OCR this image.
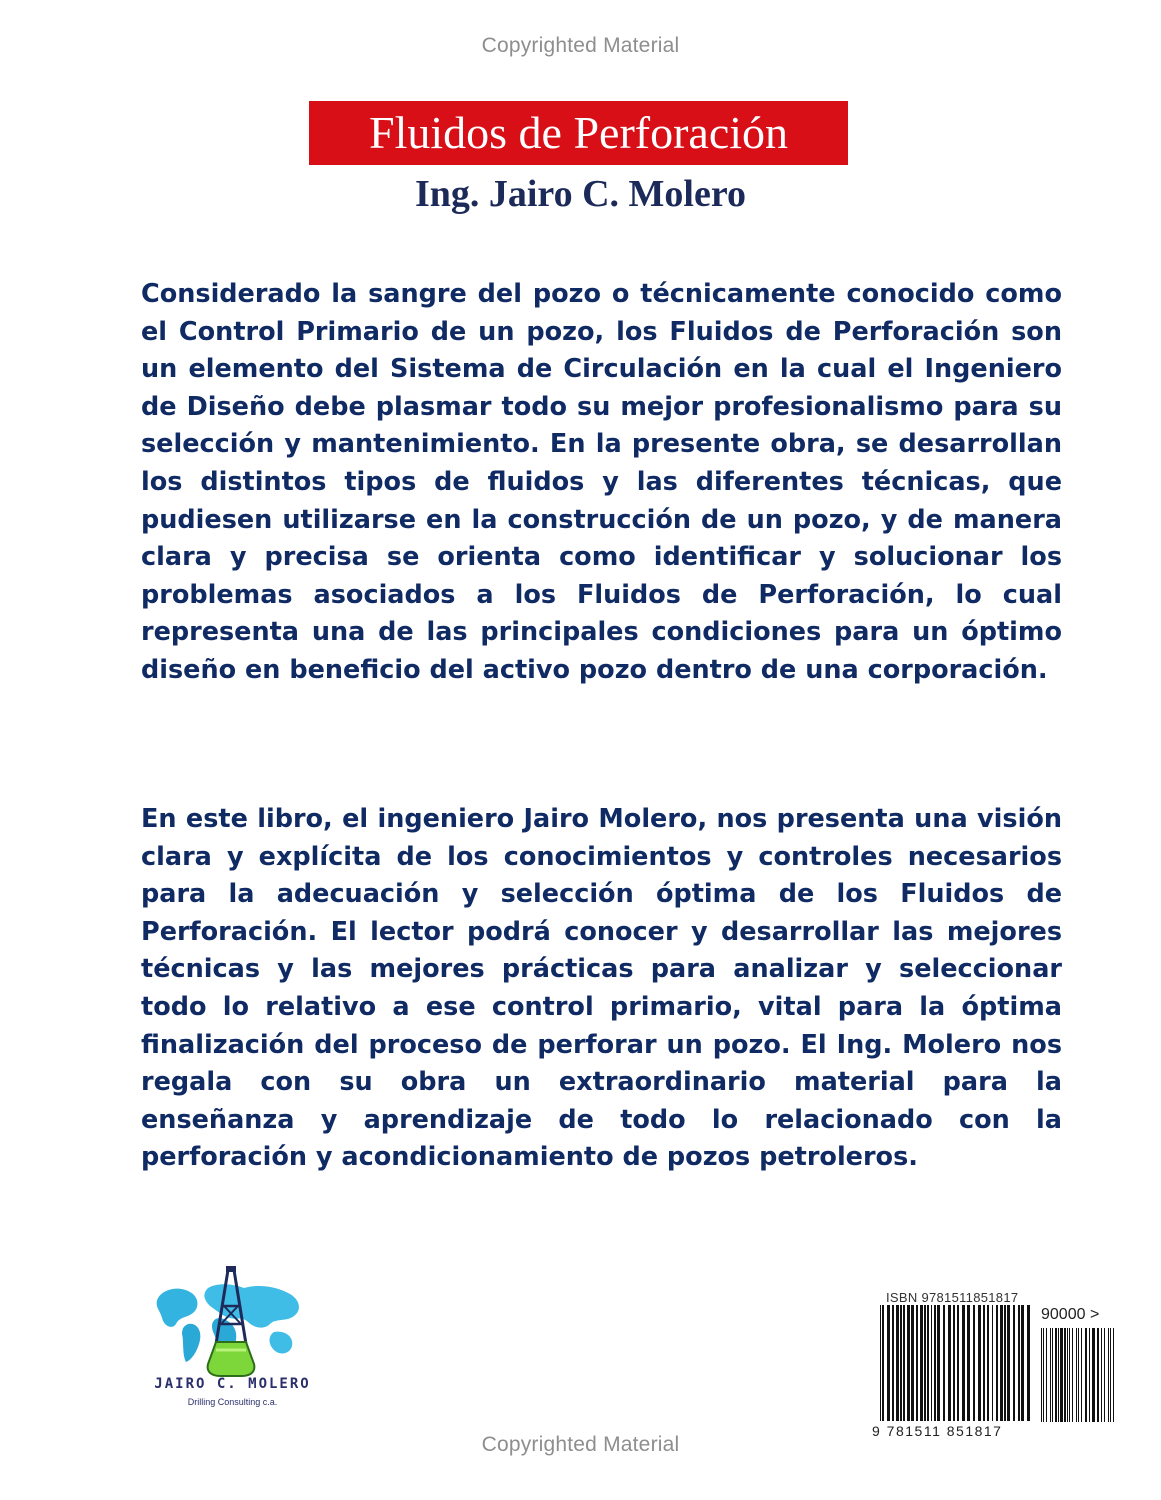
Copyrighted Material
Fluidos de Perforación
Ing. Jairo C. Molero

Considerado la sangre del pozo o técnicamente conocido como el Control Primario de un pozo, los Fluidos de Perforación son un elemento del Sistema de Circulación en la cual el Ingeniero de Diseño debe plasmar todo su mejor profesionalismo para su selección y mantenimiento. En la presente obra, se desarrollan los distintos tipos de fluidos y las diferentes técnicas, que pudiesen utilizarse en la construcción de un pozo, y de manera clara y precisa se orienta como identificar y solucionar los problemas asociados a los Fluidos de Perforación, lo cual representa una de las principales condiciones para un óptimo diseño en beneficio del activo pozo dentro de una corporación.

En este libro, el ingeniero Jairo Molero, nos presenta una visión clara y explícita de los conocimientos y controles necesarios para la adecuación y selección óptima de los Fluidos de Perforación. El lector podrá conocer y desarrollar las mejores técnicas y las mejores prácticas para analizar y seleccionar todo lo relativo a ese control primario, vital para la óptima finalización del proceso de perforar un pozo. El Ing. Molero nos regala con su obra un extraordinario material para la enseñanza y aprendizaje de todo lo relacionado con la perforación y acondicionamiento de pozos petroleros.

JAIRO C. MOLERO
Drilling Consulting c.a.
ISBN 9781511851817
90000 >
9 781511 851817
Copyrighted Material
